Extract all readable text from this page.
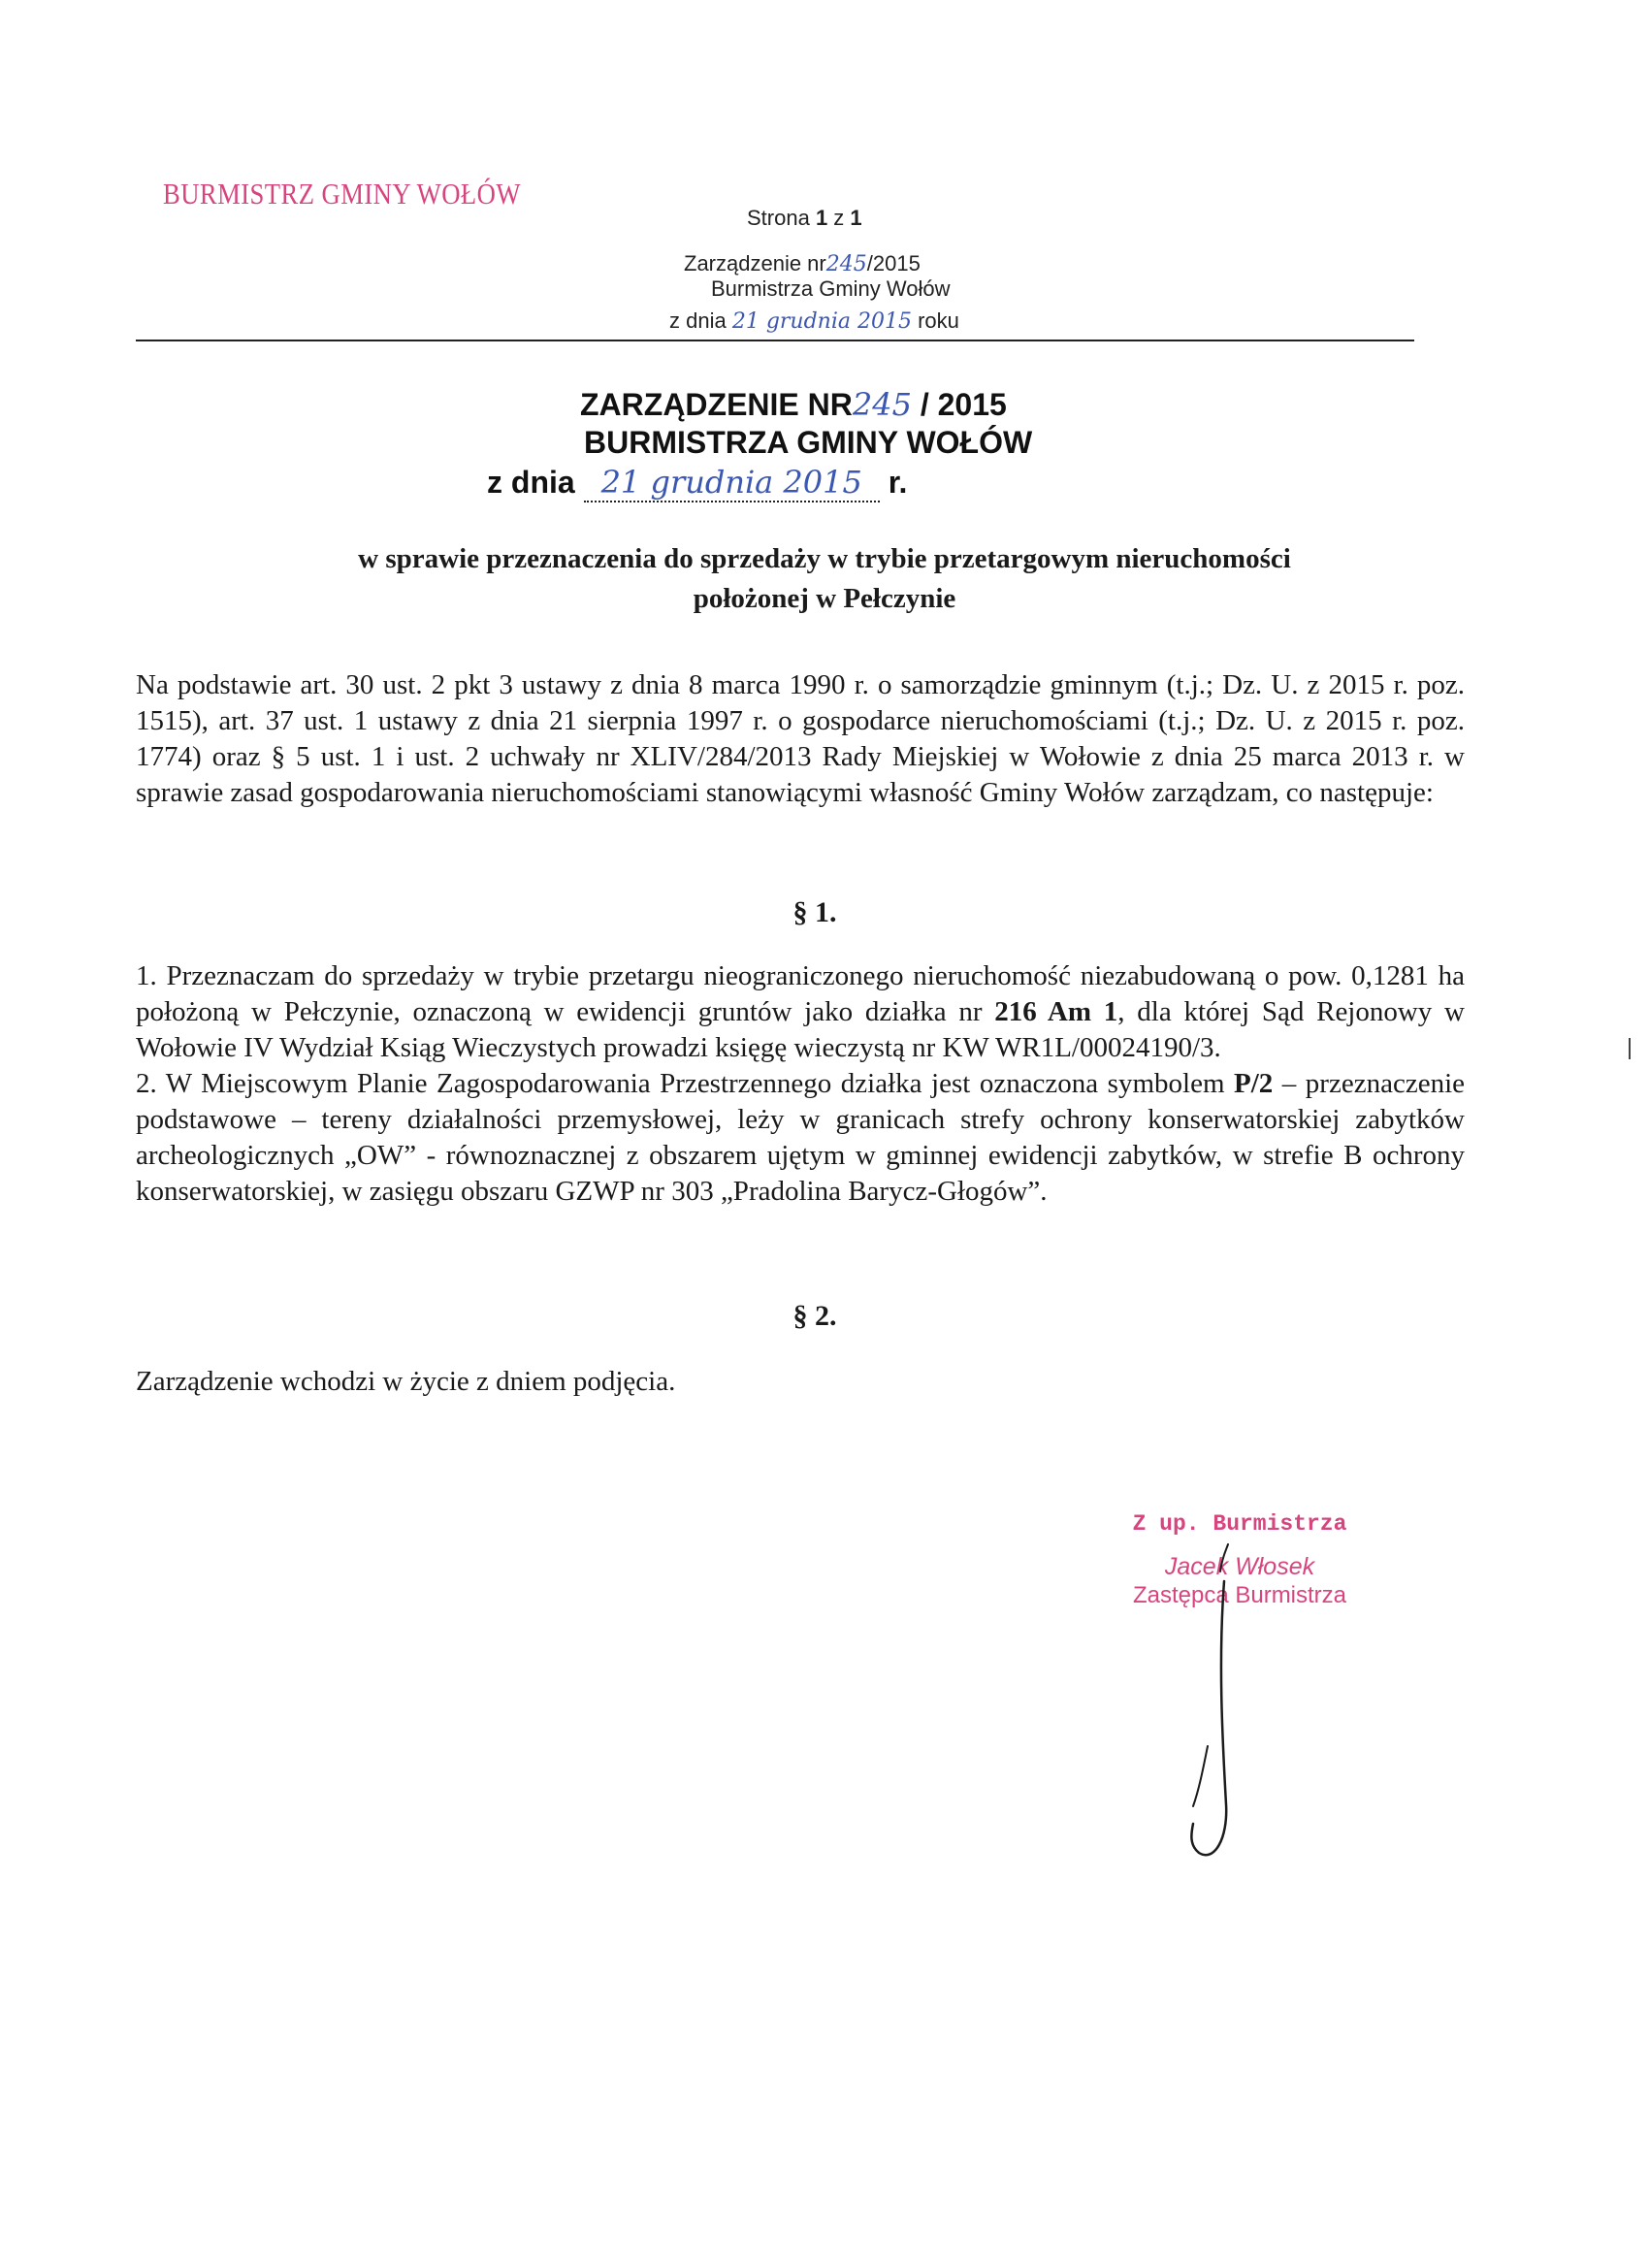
BURMISTRZ GMINY WOŁÓW
Strona 1 z 1
Zarządzenie nr245/2015
Burmistrza Gminy Wołów
z dnia 21 grudnia 2015 roku
ZARZĄDZENIE NR245 / 2015
BURMISTRZA GMINY WOŁÓW
z dnia 21 grudnia 2015 r.
w sprawie przeznaczenia do sprzedaży w trybie przetargowym nieruchomości
położonej w Pełczynie

Na podstawie art. 30 ust. 2 pkt 3 ustawy z dnia 8 marca 1990 r. o samorządzie gminnym (t.j.; Dz. U. z 2015 r. poz. 1515), art. 37 ust. 1 ustawy z dnia 21 sierpnia 1997 r. o gospodarce nieruchomościami (t.j.; Dz. U. z 2015 r. poz. 1774) oraz § 5 ust. 1 i ust. 2 uchwały nr XLIV/284/2013 Rady Miejskiej w Wołowie z dnia 25 marca 2013 r. w sprawie zasad gospodarowania nieruchomościami stanowiącymi własność Gminy Wołów zarządzam, co następuje:

§ 1.

1. Przeznaczam do sprzedaży w trybie przetargu nieograniczonego nieruchomość niezabudowaną o pow. 0,1281 ha położoną w Pełczynie, oznaczoną w ewidencji gruntów jako działka nr 216 Am 1, dla której Sąd Rejonowy w Wołowie IV Wydział Ksiąg Wieczystych prowadzi księgę wieczystą nr KW WR1L/00024190/3.

2. W Miejscowym Planie Zagospodarowania Przestrzennego działka jest oznaczona symbolem P/2 – przeznaczenie podstawowe – tereny działalności przemysłowej, leży w granicach strefy ochrony konserwatorskiej zabytków archeologicznych „OW” - równoznacznej z obszarem ujętym w gminnej ewidencji zabytków, w strefie B ochrony konserwatorskiej, w zasięgu obszaru GZWP nr 303 „Pradolina Barycz-Głogów”.

§ 2.

Zarządzenie wchodzi w życie z dniem podjęcia.

Z up. Burmistrza
Jacek Włosek
Zastępca Burmistrza
